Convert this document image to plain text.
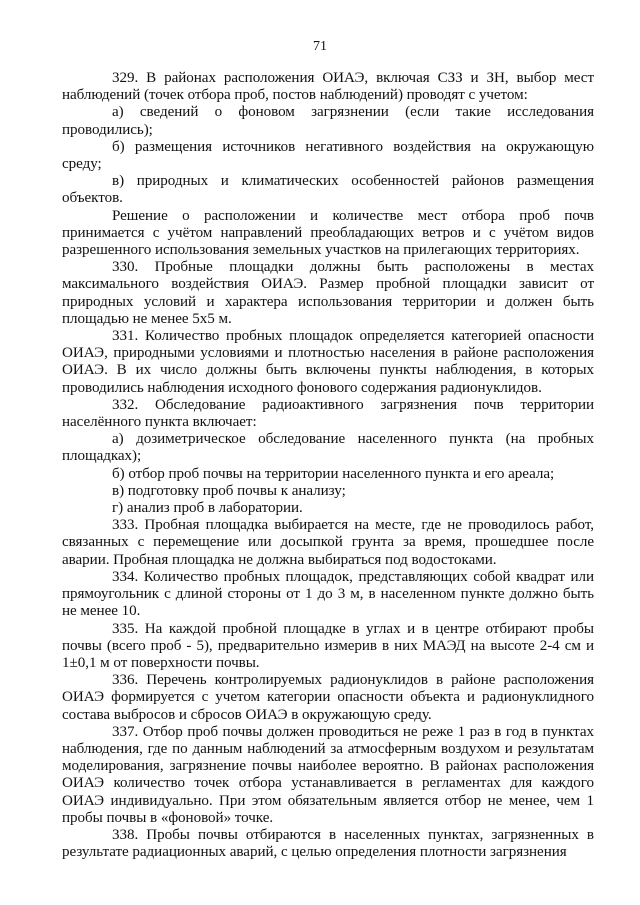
71

329. В районах расположения ОИАЭ, включая СЗЗ и ЗН, выбор мест наблюдений (точек отбора проб, постов наблюдений) проводят с учетом:

а) сведений о фоновом загрязнении (если такие исследования проводились);

б) размещения источников негативного воздействия на окружающую среду;

в) природных и климатических особенностей районов размещения объектов.

Решение о расположении и количестве мест отбора проб почв принимается с учётом направлений преобладающих ветров и с учётом видов разрешенного использования земельных участков на прилегающих территориях.

330. Пробные площадки должны быть расположены в местах максимального воздействия ОИАЭ. Размер пробной площадки зависит от природных условий и характера использования территории и должен быть площадью не менее 5х5 м.

331. Количество пробных площадок определяется категорией опасности ОИАЭ, природными условиями и плотностью населения в районе расположения ОИАЭ. В их число должны быть включены пункты наблюдения, в которых проводились наблюдения исходного фонового содержания радионуклидов.

332. Обследование радиоактивного загрязнения почв территории населённого пункта включает:

а) дозиметрическое обследование населенного пункта (на пробных площадках);

б) отбор проб почвы на территории населенного пункта и его ареала;

в) подготовку проб почвы к анализу;

г) анализ проб в лаборатории.

333. Пробная площадка выбирается на месте, где не проводилось работ, связанных с перемещение или досыпкой грунта за время, прошедшее после аварии. Пробная площадка не должна выбираться под водостоками.

334. Количество пробных площадок, представляющих собой квадрат или прямоугольник с длиной стороны от 1 до 3 м, в населенном пункте должно быть не менее 10.

335. На каждой пробной площадке в углах и в центре отбирают пробы почвы (всего проб - 5), предварительно измерив в них МАЭД на высоте 2-4 см и 1±0,1 м от поверхности почвы.

336. Перечень контролируемых радионуклидов в районе расположения ОИАЭ формируется с учетом категории опасности объекта и радионуклидного состава выбросов и сбросов ОИАЭ в окружающую среду.

337. Отбор проб почвы должен проводиться не реже 1 раз в год в пунктах наблюдения, где по данным наблюдений за атмосферным воздухом и результатам моделирования, загрязнение почвы наиболее вероятно. В районах расположения ОИАЭ количество точек отбора устанавливается в регламентах для каждого ОИАЭ индивидуально. При этом обязательным является отбор не менее, чем 1 пробы почвы в «фоновой» точке.

338. Пробы почвы отбираются в населенных пунктах, загрязненных в результате радиационных аварий, с целью определения плотности загрязнения
